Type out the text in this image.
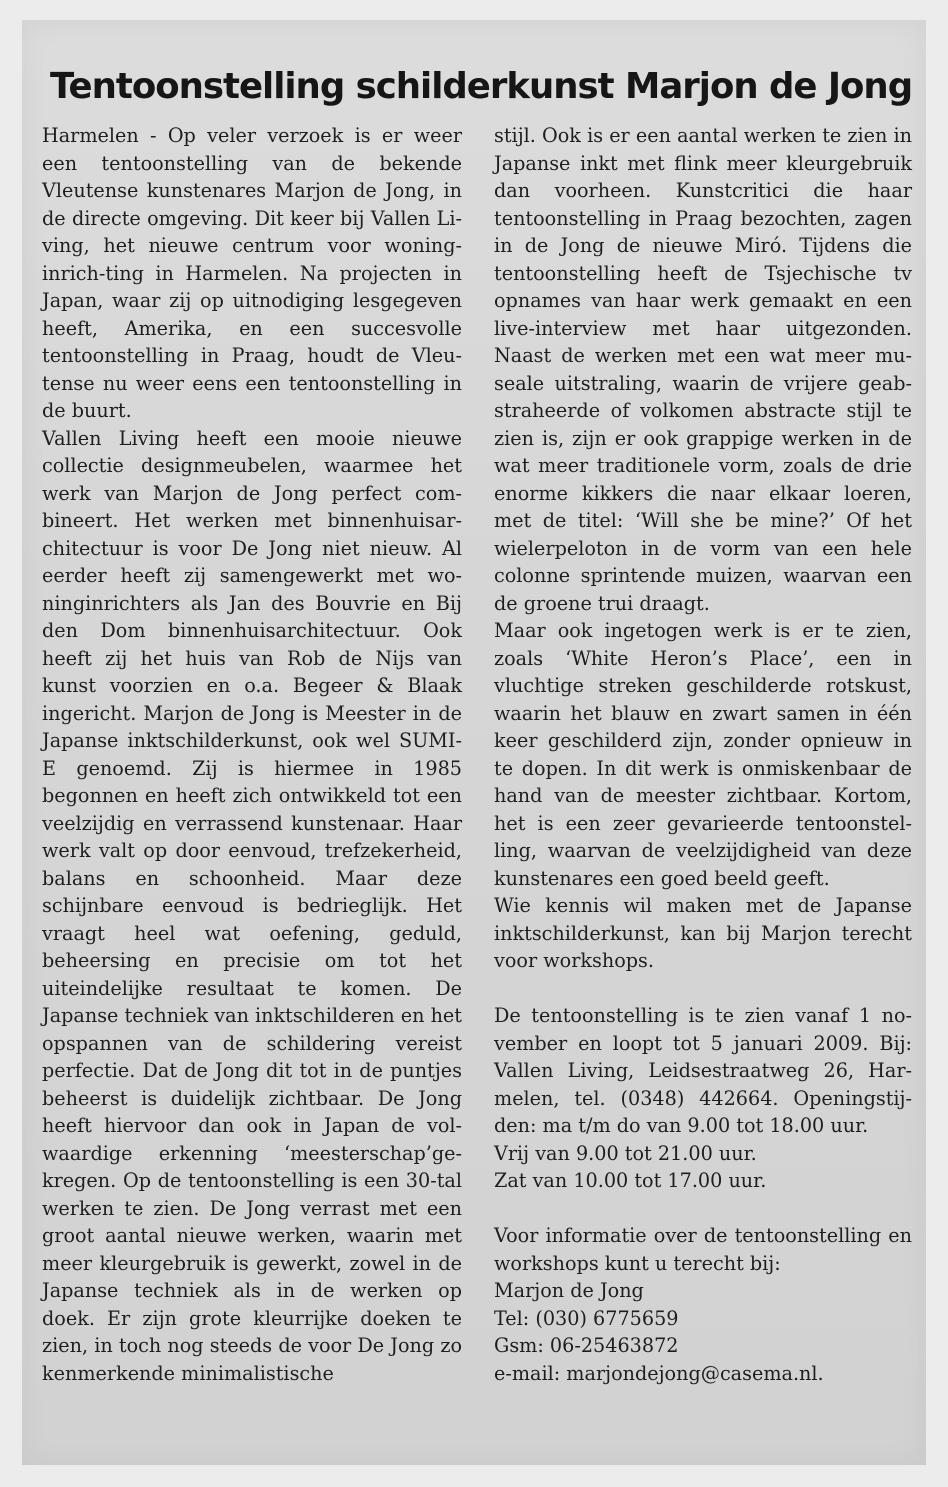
Tentoonstelling schilderkunst Marjon de Jong

Harmelen - Op veler verzoek is er weer een tentoonstelling van de bekende Vleutense kunstenares Marjon de Jong, in de directe omgeving. Dit keer bij Vallen Living, het nieuwe centrum voor woninginrich-ting in Harmelen. Na projecten in Japan, waar zij op uitnodiging lesgegeven heeft, Amerika, en een succesvolle tentoonstelling in Praag, houdt de Vleutense nu weer eens een tentoonstelling in de buurt.

Vallen Living heeft een mooie nieuwe collectie designmeubelen, waarmee het werk van Marjon de Jong perfect combineert. Het werken met binnenhuisarchitectuur is voor De Jong niet nieuw. Al eerder heeft zij samengewerkt met woninginrichters als Jan des Bouvrie en Bij den Dom binnenhuisarchitectuur. Ook heeft zij het huis van Rob de Nijs van kunst voorzien en o.a. Begeer & Blaak ingericht. Marjon de Jong is Meester in de Japanse inktschilderkunst, ook wel SUMI-E genoemd. Zij is hiermee in 1985 begonnen en heeft zich ontwikkeld tot een veelzijdig en verrassend kunstenaar. Haar werk valt op door eenvoud, trefzekerheid, balans en schoonheid. Maar deze schijnbare eenvoud is bedrieglijk. Het vraagt heel wat oefening, geduld, beheersing en precisie om tot het uiteindelijke resultaat te komen. De Japanse techniek van inktschilderen en het opspannen van de schildering vereist perfectie. Dat de Jong dit tot in de puntjes beheerst is duidelijk zichtbaar. De Jong heeft hiervoor dan ook in Japan de volwaardige erkenning ‘meesterschap’gekregen. Op de tentoonstelling is een 30-tal werken te zien. De Jong verrast met een groot aantal nieuwe werken, waarin met meer kleurgebruik is gewerkt, zowel in de Japanse techniek als in de werken op doek. Er zijn grote kleurrijke doeken te zien, in toch nog steeds de voor De Jong zo kenmerkende minimalistische

stijl. Ook is er een aantal werken te zien in Japanse inkt met flink meer kleurgebruik dan voorheen. Kunstcritici die haar tentoonstelling in Praag bezochten, zagen in de Jong de nieuwe Miró. Tijdens die tentoonstelling heeft de Tsjechische tv opnames van haar werk gemaakt en een live-interview met haar uitgezonden. Naast de werken met een wat meer museale uitstraling, waarin de vrijere geabstraheerde of volkomen abstracte stijl te zien is, zijn er ook grappige werken in de wat meer traditionele vorm, zoals de drie enorme kikkers die naar elkaar loeren, met de titel: ‘Will she be mine?’ Of het wielerpeloton in de vorm van een hele colonne sprintende muizen, waarvan een de groene trui draagt.

Maar ook ingetogen werk is er te zien, zoals ‘White Heron’s Place’, een in vluchtige streken geschilderde rotskust, waarin het blauw en zwart samen in één keer geschilderd zijn, zonder opnieuw in te dopen. In dit werk is onmiskenbaar de hand van de meester zichtbaar. Kortom, het is een zeer gevarieerde tentoonstelling, waarvan de veelzijdigheid van deze kunstenares een goed beeld geeft.

Wie kennis wil maken met de Japanse inktschilderkunst, kan bij Marjon terecht voor workshops.

De tentoonstelling is te zien vanaf 1 november en loopt tot 5 januari 2009. Bij: Vallen Living, Leidsestraatweg 26, Harmelen, tel. (0348) 442664. Openingstijden: ma t/m do van 9.00 tot 18.00 uur.

Vrij van 9.00 tot 21.00 uur.

Zat van 10.00 tot 17.00 uur.

Voor informatie over de tentoonstelling en workshops kunt u terecht bij:

Marjon de Jong

Tel: (030) 6775659

Gsm: 06-25463872

e-mail: marjondejong@casema.nl.
